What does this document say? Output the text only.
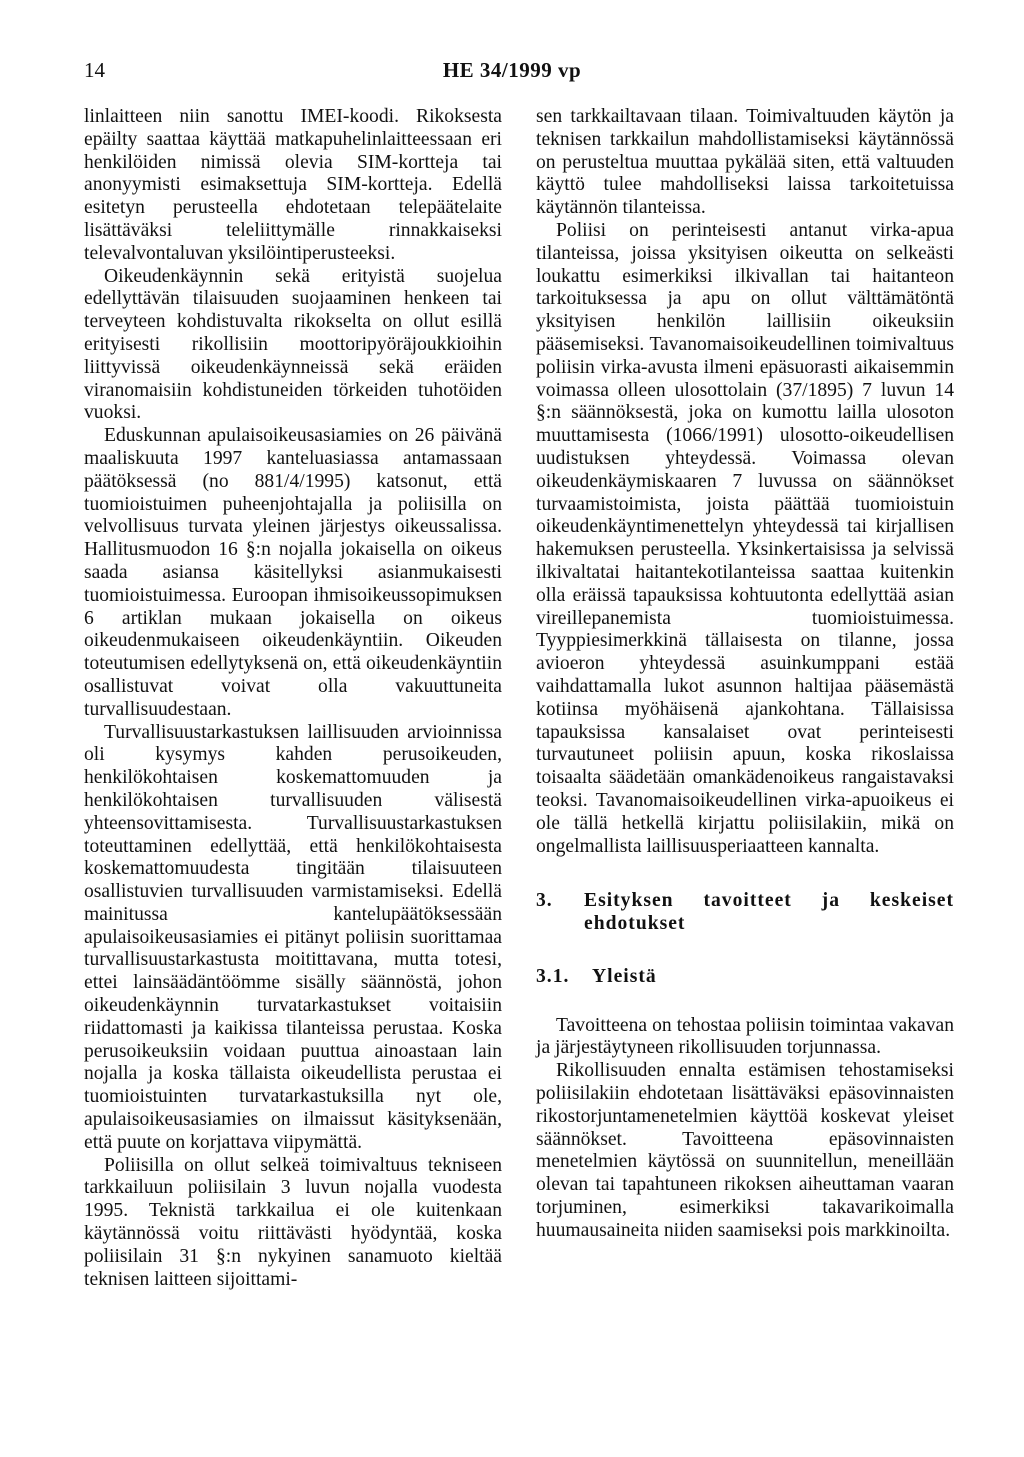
14	HE 34/1999 vp

linlaitteen niin sanottu IMEI-koodi. Rikoksesta epäilty saattaa käyttää matkapuhelinlaitteessaan eri henkilöiden nimissä olevia SIM-kortteja tai anonyymisti esimaksettuja SIM-kortteja. Edellä esitetyn perusteella ehdotetaan telepäätelaite lisättäväksi teleliittymälle rinnakkaiseksi televalvontaluvan yksilöintiperusteeksi.

Oikeudenkäynnin sekä erityistä suojelua edellyttävän tilaisuuden suojaaminen henkeen tai terveyteen kohdistuvalta rikokselta on ollut esillä erityisesti rikollisiin moottoripyöräjoukkioihin liittyvissä oikeudenkäynneissä sekä eräiden viranomaisiin kohdistuneiden törkeiden tuhotöiden vuoksi.

Eduskunnan apulaisoikeusasiamies on 26 päivänä maaliskuuta 1997 kanteluasiassa antamassaan päätöksessä (no 881/4/1995) katsonut, että tuomioistuimen puheenjohtajalla ja poliisilla on velvollisuus turvata yleinen järjestys oikeussalissa. Hallitusmuodon 16 §:n nojalla jokaisella on oikeus saada asiansa käsitellyksi asianmukaisesti tuomioistuimessa. Euroopan ihmisoikeussopimuksen 6 artiklan mukaan jokaisella on oikeus oikeudenmukaiseen oikeudenkäyntiin. Oikeuden toteutumisen edellytyksenä on, että oikeudenkäyntiin osallistuvat voivat olla vakuuttuneita turvallisuudestaan.

Turvallisuustarkastuksen laillisuuden arvioinnissa oli kysymys kahden perusoikeuden, henkilökohtaisen koskemattomuuden ja henkilökohtaisen turvallisuuden välisestä yhteensovittamisesta. Turvallisuustarkastuksen toteuttaminen edellyttää, että henkilökohtaisesta koskemattomuudesta tingitään tilaisuuteen osallistuvien turvallisuuden varmistamiseksi. Edellä mainitussa kantelupäätöksessään apulaisoikeusasiamies ei pitänyt poliisin suorittamaa turvallisuustarkastusta moitittavana, mutta totesi, ettei lainsäädäntöömme sisälly säännöstä, johon oikeudenkäynnin turvatarkastukset voitaisiin riidattomasti ja kaikissa tilanteissa perustaa. Koska perusoikeuksiin voidaan puuttua ainoastaan lain nojalla ja koska tällaista oikeudellista perustaa ei tuomioistuinten turvatarkastuksilla nyt ole, apulaisoikeusasiamies on ilmaissut käsityksenään, että puute on korjattava viipymättä.

Poliisilla on ollut selkeä toimivaltuus tekniseen tarkkailuun poliisilain 3 luvun nojalla vuodesta 1995. Teknistä tarkkailua ei ole kuitenkaan käytännössä voitu riittävästi hyödyntää, koska poliisilain 31 §:n nykyinen sanamuoto kieltää teknisen laitteen sijoittami-

sen tarkkailtavaan tilaan. Toimivaltuuden käytön ja teknisen tarkkailun mahdollistamiseksi käytännössä on perusteltua muuttaa pykälää siten, että valtuuden käyttö tulee mahdolliseksi laissa tarkoitetuissa käytännön tilanteissa.

Poliisi on perinteisesti antanut virka-apua tilanteissa, joissa yksityisen oikeutta on selkeästi loukattu esimerkiksi ilkivallan tai haitanteon tarkoituksessa ja apu on ollut välttämätöntä yksityisen henkilön laillisiin oikeuksiin pääsemiseksi. Tavanomaisoikeudellinen toimivaltuus poliisin virka-avusta ilmeni epäsuorasti aikaisemmin voimassa olleen ulosottolain (37/1895) 7 luvun 14 §:n säännöksestä, joka on kumottu lailla ulosoton muuttamisesta (1066/1991) ulosotto-oikeudellisen uudistuksen yhteydessä. Voimassa olevan oikeudenkäymiskaaren 7 luvussa on säännökset turvaamistoimista, joista päättää tuomioistuin oikeudenkäyntimenettelyn yhteydessä tai kirjallisen hakemuksen perusteella. Yksinkertaisissa ja selvissä ilkivaltatai haitantekotilanteissa saattaa kuitenkin olla eräissä tapauksissa kohtuutonta edellyttää asian vireillepanemista tuomioistuimessa. Tyyppiesimerkkinä tällaisesta on tilanne, jossa avioeron yhteydessä asuinkumppani estää vaihdattamalla lukot asunnon haltijaa pääsemästä kotiinsa myöhäisenä ajankohtana. Tällaisissa tapauksissa kansalaiset ovat perinteisesti turvautuneet poliisin apuun, koska rikoslaissa toisaalta säädetään omankädenoikeus rangaistavaksi teoksi. Tavanomaisoikeudellinen virka-apuoikeus ei ole tällä hetkellä kirjattu poliisilakiin, mikä on ongelmallista laillisuusperiaatteen kannalta.

3.	Esityksen tavoitteet ja keskeiset ehdotukset
3.1.	Yleistä

Tavoitteena on tehostaa poliisin toimintaa vakavan ja järjestäytyneen rikollisuuden torjunnassa.

Rikollisuuden ennalta estämisen tehostamiseksi poliisilakiin ehdotetaan lisättäväksi epäsovinnaisten rikostorjuntamenetelmien käyttöä koskevat yleiset säännökset. Tavoitteena epäsovinnaisten menetelmien käytössä on suunnitellun, meneillään olevan tai tapahtuneen rikoksen aiheuttaman vaaran torjuminen, esimerkiksi takavarikoimalla huumausaineita niiden saamiseksi pois markkinoilta.
